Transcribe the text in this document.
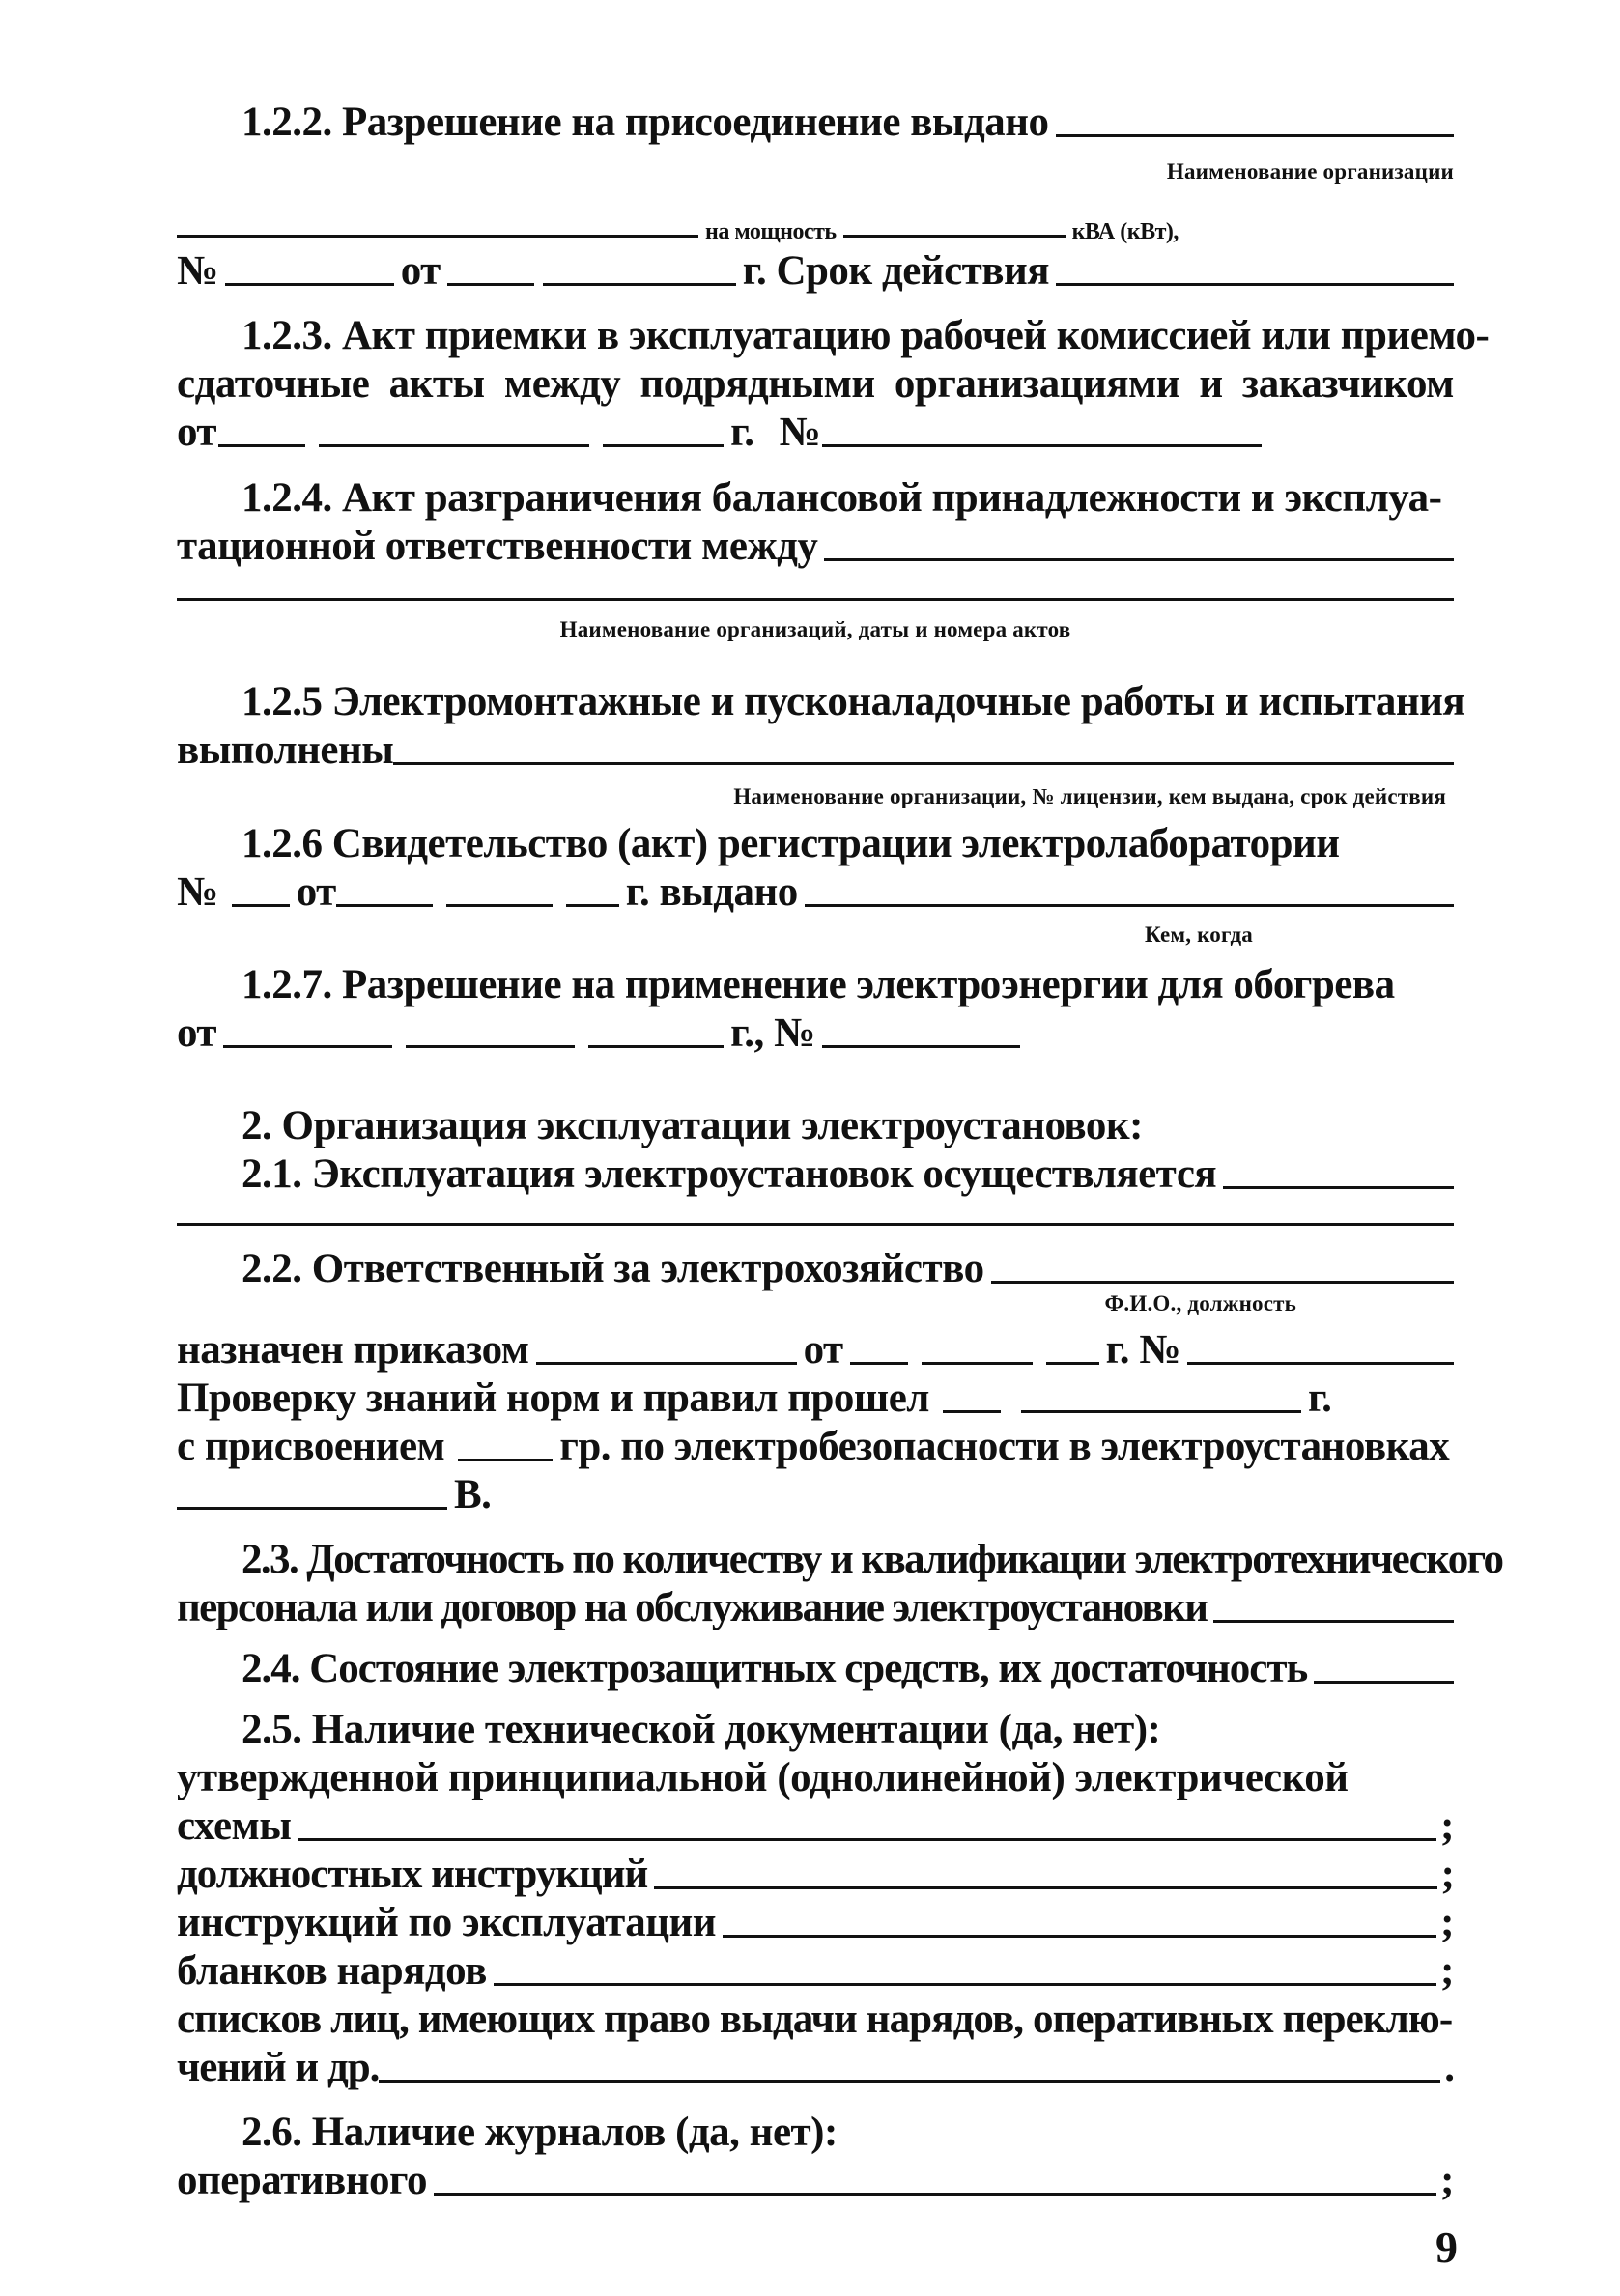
1.2.2. Разрешение на присоединение выдано
Наименование организации
на мощность	кВА (кВт),
№	от	г. Срок действия
1.2.3. Акт приемки в эксплуатацию рабочей комиссией или приемо-
сдаточные акты между подрядными организациями и заказчиком
от	г. №
1.2.4. Акт разграничения балансовой принадлежности и эксплуа-
тационной ответственности между
Наименование организаций, даты и номера актов
1.2.5 Электромонтажные и пусконаладочные работы и испытания
выполнены
Наименование организации, № лицензии, кем выдана, срок действия
1.2.6 Свидетельство (акт) регистрации электролаборатории
№ от	г. выдано
Кем, когда
1.2.7. Разрешение на применение электроэнергии для обогрева
от	г., №
2. Организация эксплуатации электроустановок:
2.1. Эксплуатация электроустановок осуществляется
2.2. Ответственный за электрохозяйство
Ф.И.О., должность
назначен приказом	от	г. №
Проверку знаний норм и правил прошел	г.
с присвоением	гр. по электробезопасности в электроустановках
В.
2.3. Достаточность по количеству и квалификации электротехнического
персонала или договор на обслуживание электроустановки
2.4. Состояние электрозащитных средств, их достаточность
2.5. Наличие технической документации (да, нет):
утвержденной принципиальной (однолинейной) электрической
схемы	;
должностных инструкций	;
инструкций по эксплуатации	;
бланков нарядов	;
списков лиц, имеющих право выдачи нарядов, оперативных переклю-
чений и др.	.
2.6. Наличие журналов (да, нет):
оперативного	;
9
